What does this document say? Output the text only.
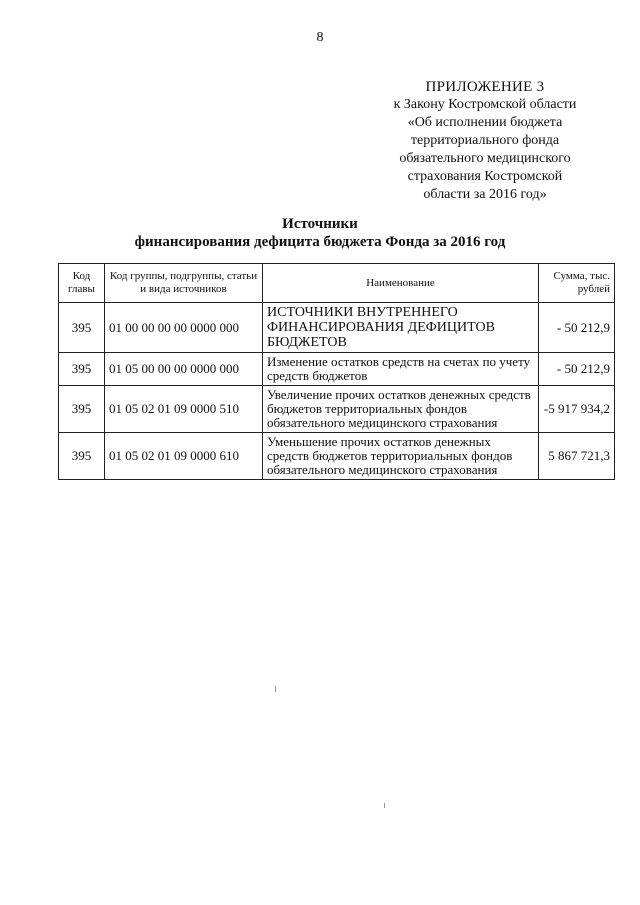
8
ПРИЛОЖЕНИЕ 3
к Закону Костромской области
«Об исполнении бюджета
территориального фонда
обязательного медицинского
страхования Костромской
области за 2016 год»
Источники
финансирования дефицита бюджета Фонда за 2016 год
Код главы	Код группы, подгруппы, статьи и вида источников	Наименование	Сумма, тыс. рублей
395	01 00 00 00 00 0000 000	ИСТОЧНИКИ ВНУТРЕННЕГО ФИНАНСИРОВАНИЯ ДЕФИЦИТОВ БЮДЖЕТОВ	- 50 212,9
395	01 05 00 00 00 0000 000	Изменение остатков средств на счетах по учету средств бюджетов	- 50 212,9
395	01 05 02 01 09 0000 510	Увеличение прочих остатков денежных средств бюджетов территориальных фондов обязательного медицинского страхования	-5 917 934,2
395	01 05 02 01 09 0000 610	Уменьшение прочих остатков денежных средств бюджетов территориальных фондов обязательного медицинского страхования	5 867 721,3
